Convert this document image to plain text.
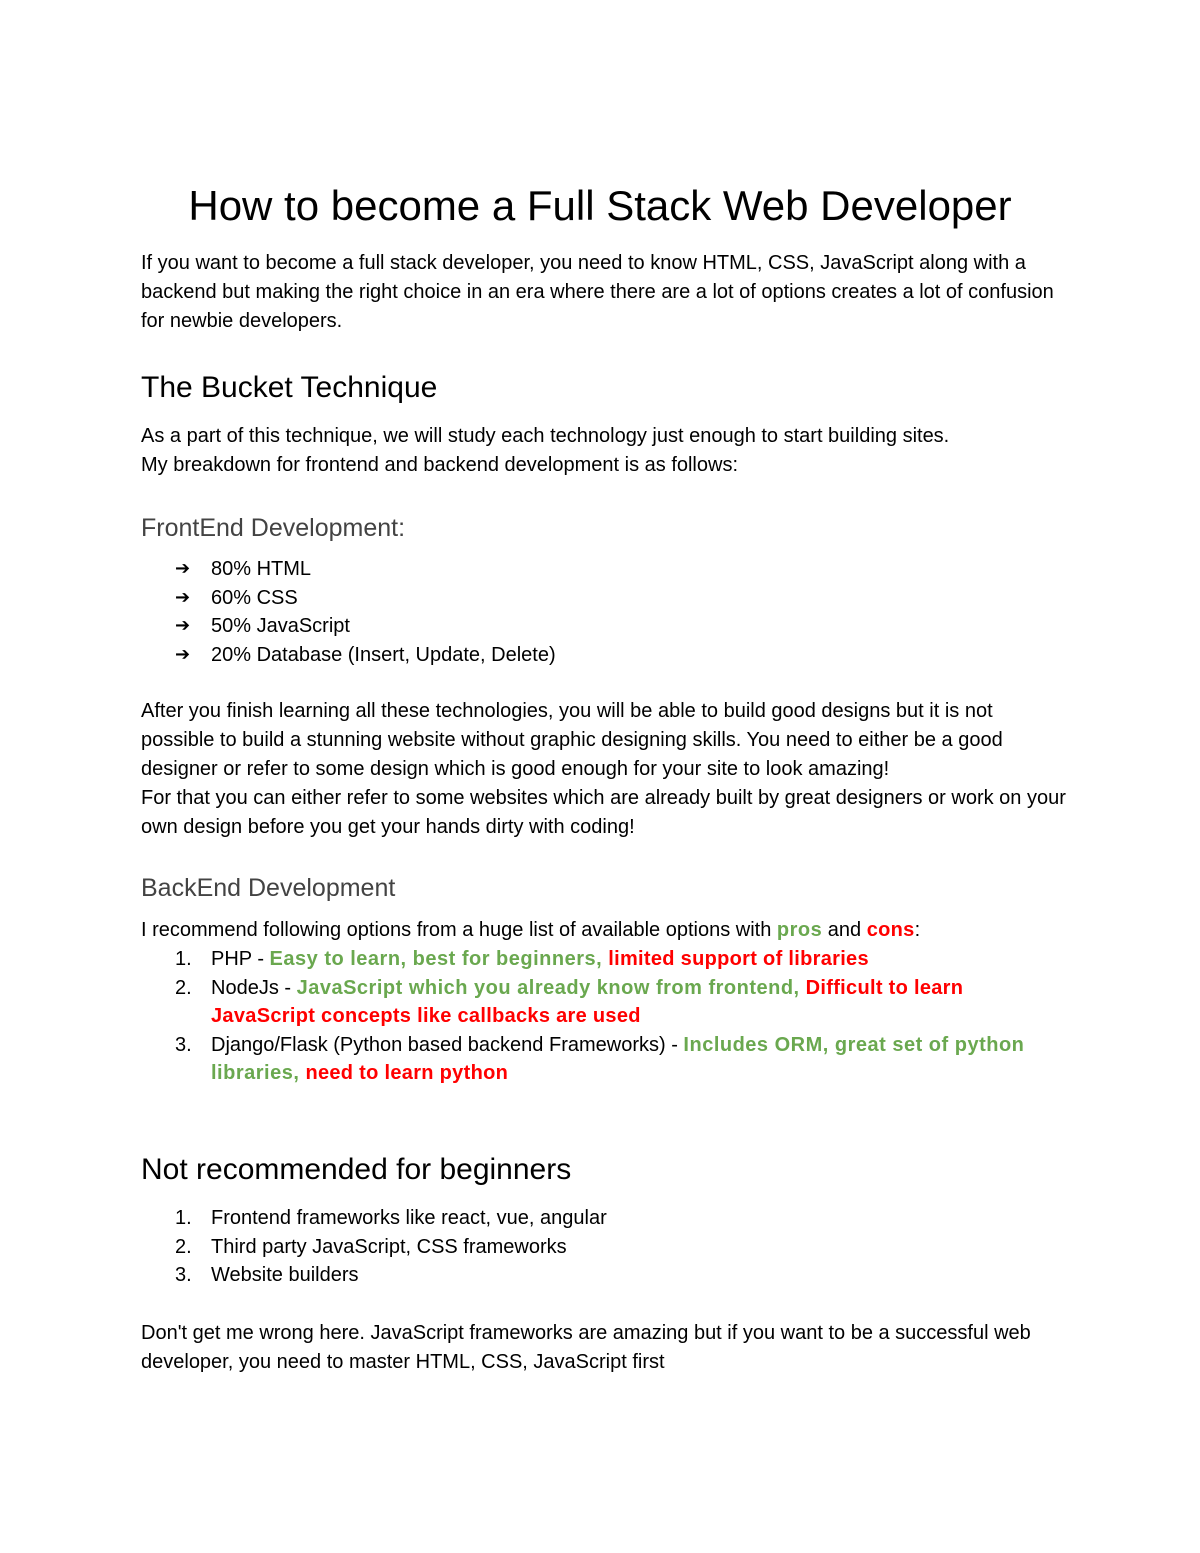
How to become a Full Stack Web Developer

If you want to become a full stack developer, you need to know HTML, CSS, JavaScript along with a backend but making the right choice in an era where there are a lot of options creates a lot of confusion for newbie developers.

The Bucket Technique

As a part of this technique, we will study each technology just enough to start building sites.

My breakdown for frontend and backend development is as follows:

FrontEnd Development:
➔ 80% HTML
➔ 60% CSS
➔ 50% JavaScript
➔ 20% Database (Insert, Update, Delete)

After you finish learning all these technologies, you will be able to build good designs but it is not possible to build a stunning website without graphic designing skills. You need to either be a good designer or refer to some design which is good enough for your site to look amazing!

For that you can either refer to some websites which are already built by great designers or work on your own design before you get your hands dirty with coding!

BackEnd Development

I recommend following options from a huge list of available options with pros and cons:

1. PHP - Easy to learn, best for beginners, limited support of libraries
2. NodeJs - JavaScript which you already know from frontend, Difficult to learn JavaScript concepts like callbacks are used
3. Django/Flask (Python based backend Frameworks) - Includes ORM, great set of python libraries, need to learn python
Not recommended for beginners
1. Frontend frameworks like react, vue, angular
2. Third party JavaScript, CSS frameworks
3. Website builders

Don't get me wrong here. JavaScript frameworks are amazing but if you want to be a successful web developer, you need to master HTML, CSS, JavaScript first
